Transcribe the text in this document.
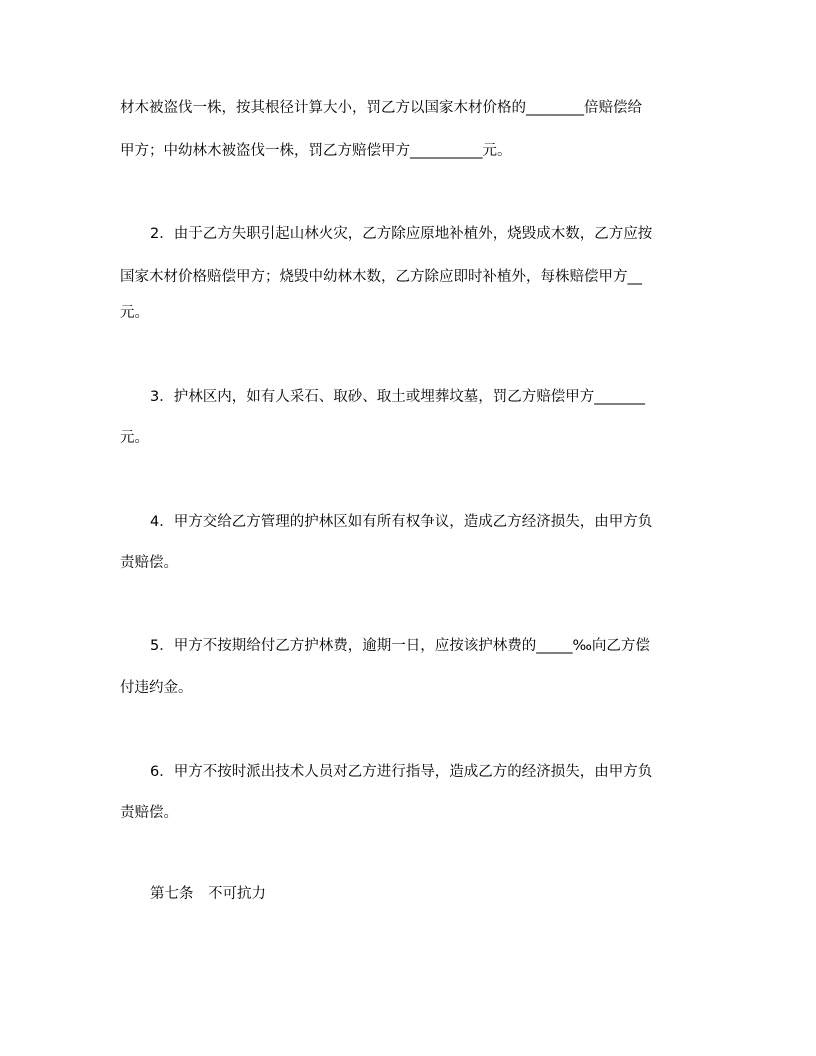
材木被盗伐一株，按其根径计算大小，罚乙方以国家木材价格的________倍赔偿给
甲方；中幼林木被盗伐一株，罚乙方赔偿甲方__________元。
2．由于乙方失职引起山林火灾，乙方除应原地补植外，烧毁成木数，乙方应按
国家木材价格赔偿甲方；烧毁中幼林木数，乙方除应即时补植外，每株赔偿甲方__
元。
3．护林区内，如有人采石、取砂、取土或埋葬坟墓，罚乙方赔偿甲方_______
元。
4．甲方交给乙方管理的护林区如有所有权争议，造成乙方经济损失，由甲方负
责赔偿。
5．甲方不按期给付乙方护林费，逾期一日，应按该护林费的_____‰向乙方偿
付违约金。
6．甲方不按时派出技术人员对乙方进行指导，造成乙方的经济损失，由甲方负
责赔偿。
第七条　不可抗力
